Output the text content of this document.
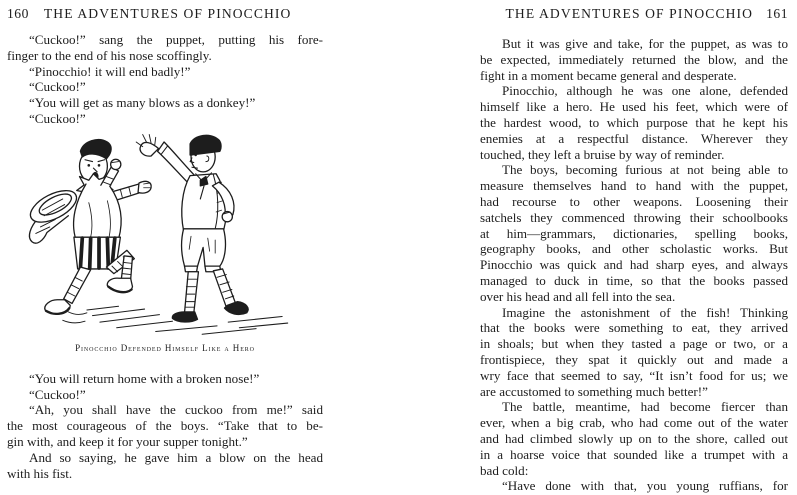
160 THE ADVENTURES OF PINOCCHIO

“Cuckoo!” sang the puppet, putting his fore-
finger to the end of his nose scoffingly.

“Pinocchio! it will end badly!”

“Cuckoo!”

“You will get as many blows as a donkey!”

“Cuckoo!”

Pinocchio Defended Himself Like a Hero

“You will return home with a broken nose!”

“Cuckoo!”

“Ah, you shall have the cuckoo from me!” said
the most courageous of the boys. “Take that to be-
gin with, and keep it for your supper tonight.”

And so saying, he gave him a blow on the head
with his fist.

THE ADVENTURES OF PINOCCHIO 161

But it was give and take, for the puppet, as was to
be expected, immediately returned the blow, and the
fight in a moment became general and desperate.

Pinocchio, although he was one alone, defended
himself like a hero. He used his feet, which were of
the hardest wood, to which purpose that he kept his
enemies at a respectful distance. Wherever they
touched, they left a bruise by way of reminder.

The boys, becoming furious at not being able to
measure themselves hand to hand with the puppet,
had recourse to other weapons. Loosening their
satchels they commenced throwing their schoolbooks
at him—grammars, dictionaries, spelling books,
geography books, and other scholastic works. But
Pinocchio was quick and had sharp eyes, and always
managed to duck in time, so that the books passed
over his head and all fell into the sea.

Imagine the astonishment of the fish! Thinking
that the books were something to eat, they arrived
in shoals; but when they tasted a page or two, or a
frontispiece, they spat it quickly out and made a
wry face that seemed to say, “It isn’t food for us; we
are accustomed to something much better!”

The battle, meantime, had become fiercer than
ever, when a big crab, who had come out of the water
and had climbed slowly up on to the shore, called out
in a hoarse voice that sounded like a trumpet with a
bad cold:

“Have done with that, you young ruffians, for
